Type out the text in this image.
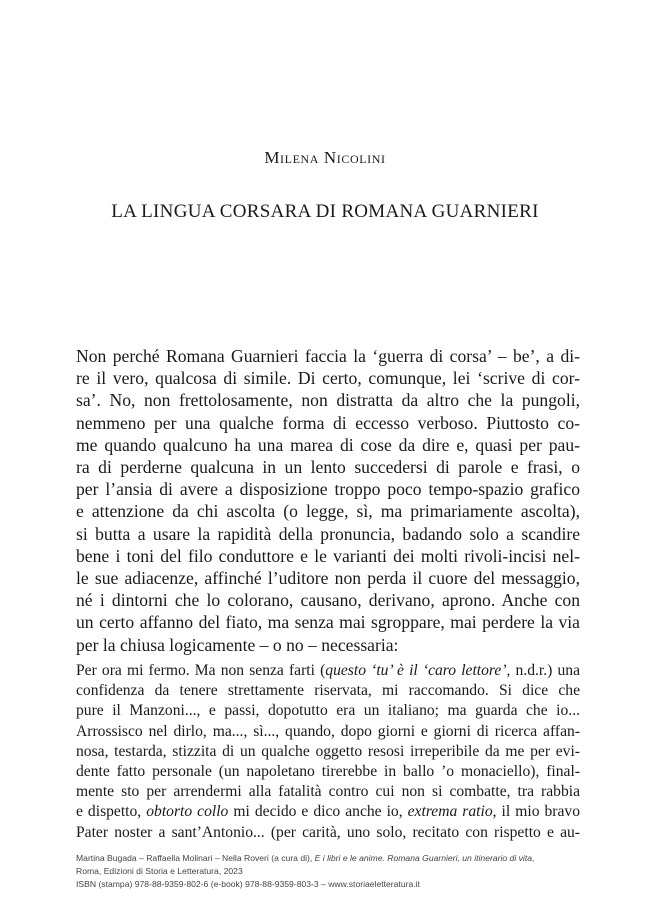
Milena Nicolini
LA LINGUA CORSARA DI ROMANA GUARNIERI
Non perché Romana Guarnieri faccia la ‘guerra di corsa’ – be’, a di-
re il vero, qualcosa di simile. Di certo, comunque, lei ‘scrive di cor-
sa’. No, non frettolosamente, non distratta da altro che la pungoli,
nemmeno per una qualche forma di eccesso verboso. Piuttosto co-
me quando qualcuno ha una marea di cose da dire e, quasi per pau-
ra di perderne qualcuna in un lento succedersi di parole e frasi, o
per l’ansia di avere a disposizione troppo poco tempo-spazio grafico
e attenzione da chi ascolta (o legge, sì, ma primariamente ascolta),
si butta a usare la rapidità della pronuncia, badando solo a scandire
bene i toni del filo conduttore e le varianti dei molti rivoli-incisi nel-
le sue adiacenze, affinché l’uditore non perda il cuore del messaggio,
né i dintorni che lo colorano, causano, derivano, aprono. Anche con
un certo affanno del fiato, ma senza mai sgroppare, mai perdere la via
per la chiusa logicamente – o no – necessaria:
Per ora mi fermo. Ma non senza farti (questo ‘tu’ è il ‘caro lettore’, n.d.r.) una
confidenza da tenere strettamente riservata, mi raccomando. Si dice che
pure il Manzoni..., e passi, dopotutto era un italiano; ma guarda che io...
Arrossisco nel dirlo, ma..., sì..., quando, dopo giorni e giorni di ricerca affan-
nosa, testarda, stizzita di un qualche oggetto resosi irreperibile da me per evi-
dente fatto personale (un napoletano tirerebbe in ballo ’o monaciello), final-
mente sto per arrendermi alla fatalità contro cui non si combatte, tra rabbia
e dispetto, obtorto collo mi decido e dico anche io, extrema ratio, il mio bravo
Pater noster a sant’Antonio... (per carità, uno solo, recitato con rispetto e au-
Martina Bugada – Raffaella Molinari – Nella Roveri (a cura di), E i libri e le anime. Romana Guarnieri, un itinerario di vita,
Roma, Edizioni di Storia e Letteratura, 2023
ISBN (stampa) 978-88-9359-802-6 (e-book) 978-88-9359-803-3 – www.storiaeletteratura.it
